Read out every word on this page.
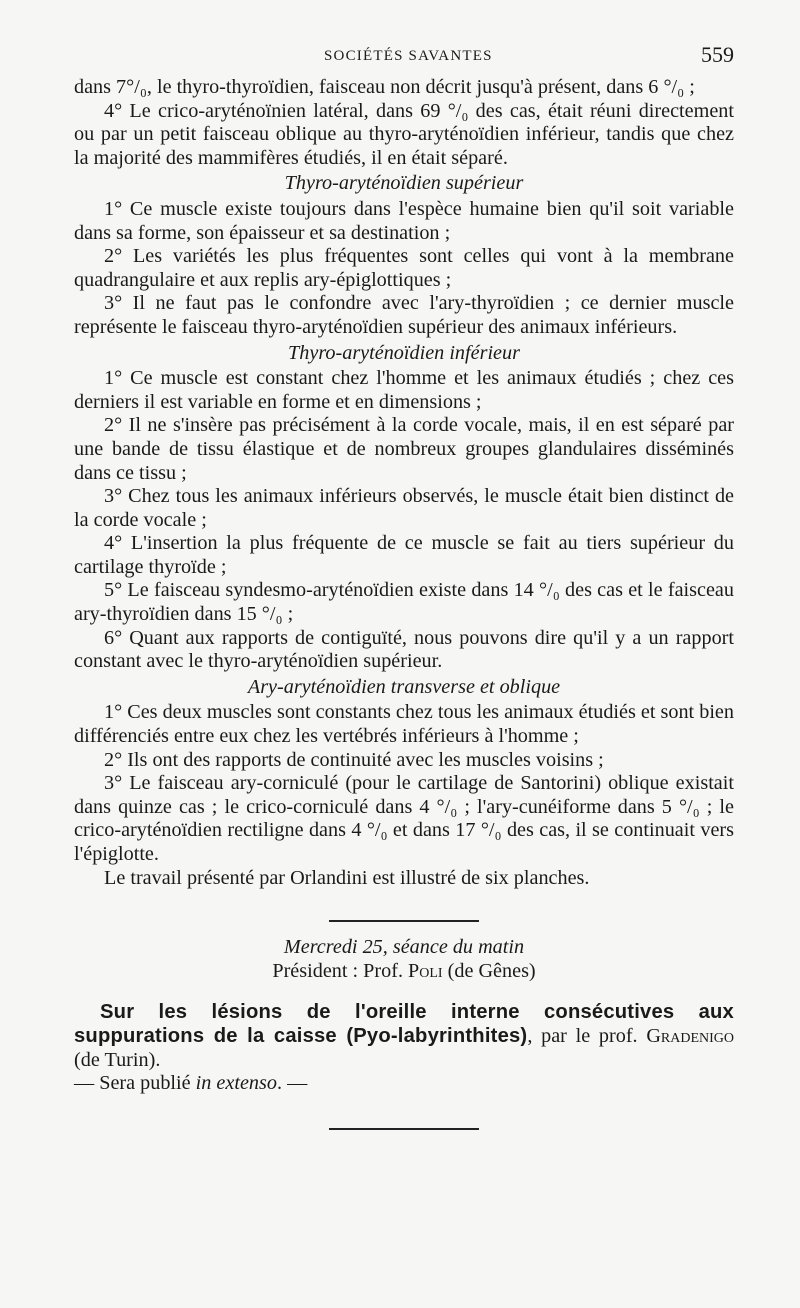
SOCIÉTÉS SAVANTES	559

dans 7°/₀, le thyro-thyroïdien, faisceau non décrit jusqu'à présent, dans 6 °/₀ ;

4° Le crico-aryténoïnien latéral, dans 69 °/₀ des cas, était réuni directement ou par un petit faisceau oblique au thyro-aryténoïdien inférieur, tandis que chez la majorité des mammifères étudiés, il en était séparé.

Thyro-aryténoïdien supérieur

1° Ce muscle existe toujours dans l'espèce humaine bien qu'il soit variable dans sa forme, son épaisseur et sa destination ;

2° Les variétés les plus fréquentes sont celles qui vont à la membrane quadrangulaire et aux replis ary-épiglottiques ;

3° Il ne faut pas le confondre avec l'ary-thyroïdien ; ce dernier muscle représente le faisceau thyro-aryténoïdien supérieur des animaux inférieurs.

Thyro-aryténoïdien inférieur

1° Ce muscle est constant chez l'homme et les animaux étudiés ; chez ces derniers il est variable en forme et en dimensions ;

2° Il ne s'insère pas précisément à la corde vocale, mais, il en est séparé par une bande de tissu élastique et de nombreux groupes glandulaires disséminés dans ce tissu ;

3° Chez tous les animaux inférieurs observés, le muscle était bien distinct de la corde vocale ;

4° L'insertion la plus fréquente de ce muscle se fait au tiers supérieur du cartilage thyroïde ;

5° Le faisceau syndesmo-aryténoïdien existe dans 14 °/₀ des cas et le faisceau ary-thyroïdien dans 15 °/₀ ;

6° Quant aux rapports de contiguïté, nous pouvons dire qu'il y a un rapport constant avec le thyro-aryténoïdien supérieur.

Ary-aryténoïdien transverse et oblique

1° Ces deux muscles sont constants chez tous les animaux étudiés et sont bien différenciés entre eux chez les vertébrés inférieurs à l'homme ;

2° Ils ont des rapports de continuité avec les muscles voisins ;

3° Le faisceau ary-corniculé (pour le cartilage de Santorini) oblique existait dans quinze cas ; le crico-corniculé dans 4 °/₀ ; l'ary-cunéiforme dans 5 °/₀ ; le crico-aryténoïdien rectiligne dans 4 °/₀ et dans 17 °/₀ des cas, il se continuait vers l'épiglotte.

Le travail présenté par Orlandini est illustré de six planches.

Mercredi 25, séance du matin
Président : Prof. Poli (de Gênes)

Sur les lésions de l'oreille interne consécutives aux suppurations de la caisse (Pyo-labyrinthites), par le prof. Gradenigo (de Turin).

— Sera publié in extenso. —
